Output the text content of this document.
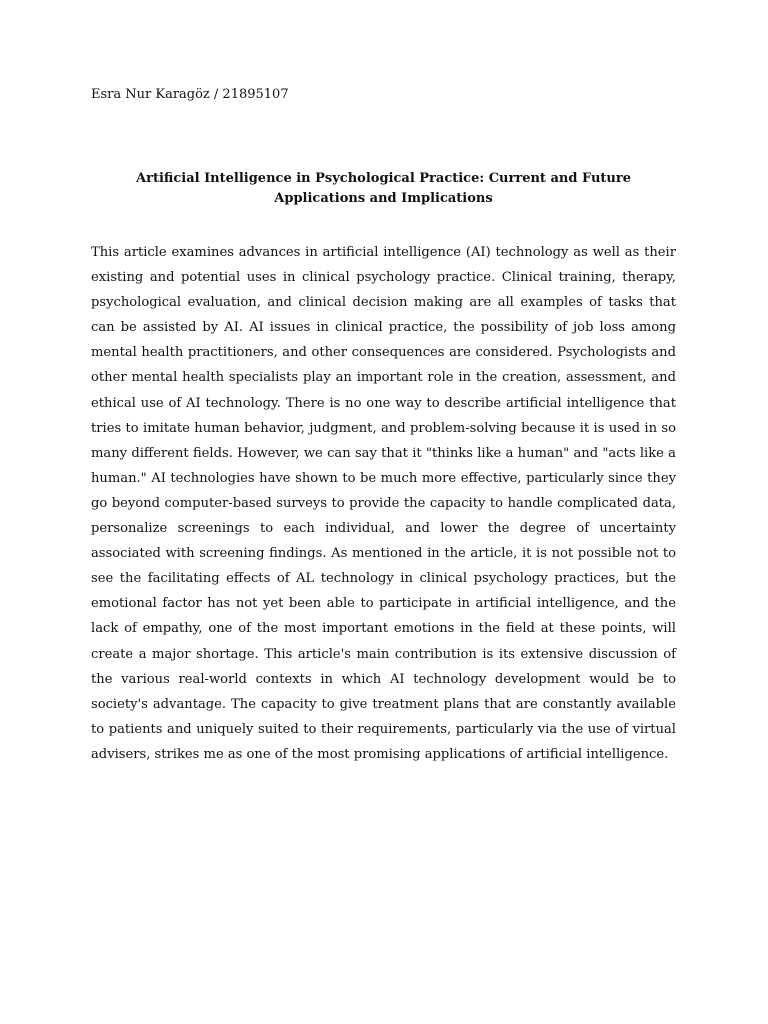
Esra Nur Karagöz / 21895107
Artificial Intelligence in Psychological Practice: Current and Future Applications and Implications

This article examines advances in artificial intelligence (AI) technology as well as their existing and potential uses in clinical psychology practice. Clinical training, therapy, psychological evaluation, and clinical decision making are all examples of tasks that can be assisted by AI. AI issues in clinical practice, the possibility of job loss among mental health practitioners, and other consequences are considered. Psychologists and other mental health specialists play an important role in the creation, assessment, and ethical use of AI technology. There is no one way to describe artificial intelligence that tries to imitate human behavior, judgment, and problem-solving because it is used in so many different fields. However, we can say that it "thinks like a human" and "acts like a human." AI technologies have shown to be much more effective, particularly since they go beyond computer-based surveys to provide the capacity to handle complicated data, personalize screenings to each individual, and lower the degree of uncertainty associated with screening findings. As mentioned in the article, it is not possible not to see the facilitating effects of AL technology in clinical psychology practices, but the emotional factor has not yet been able to participate in artificial intelligence, and the lack of empathy, one of the most important emotions in the field at these points, will create a major shortage. This article's main contribution is its extensive discussion of the various real-world contexts in which AI technology development would be to society's advantage. The capacity to give treatment plans that are constantly available to patients and uniquely suited to their requirements, particularly via the use of virtual advisers, strikes me as one of the most promising applications of artificial intelligence.
